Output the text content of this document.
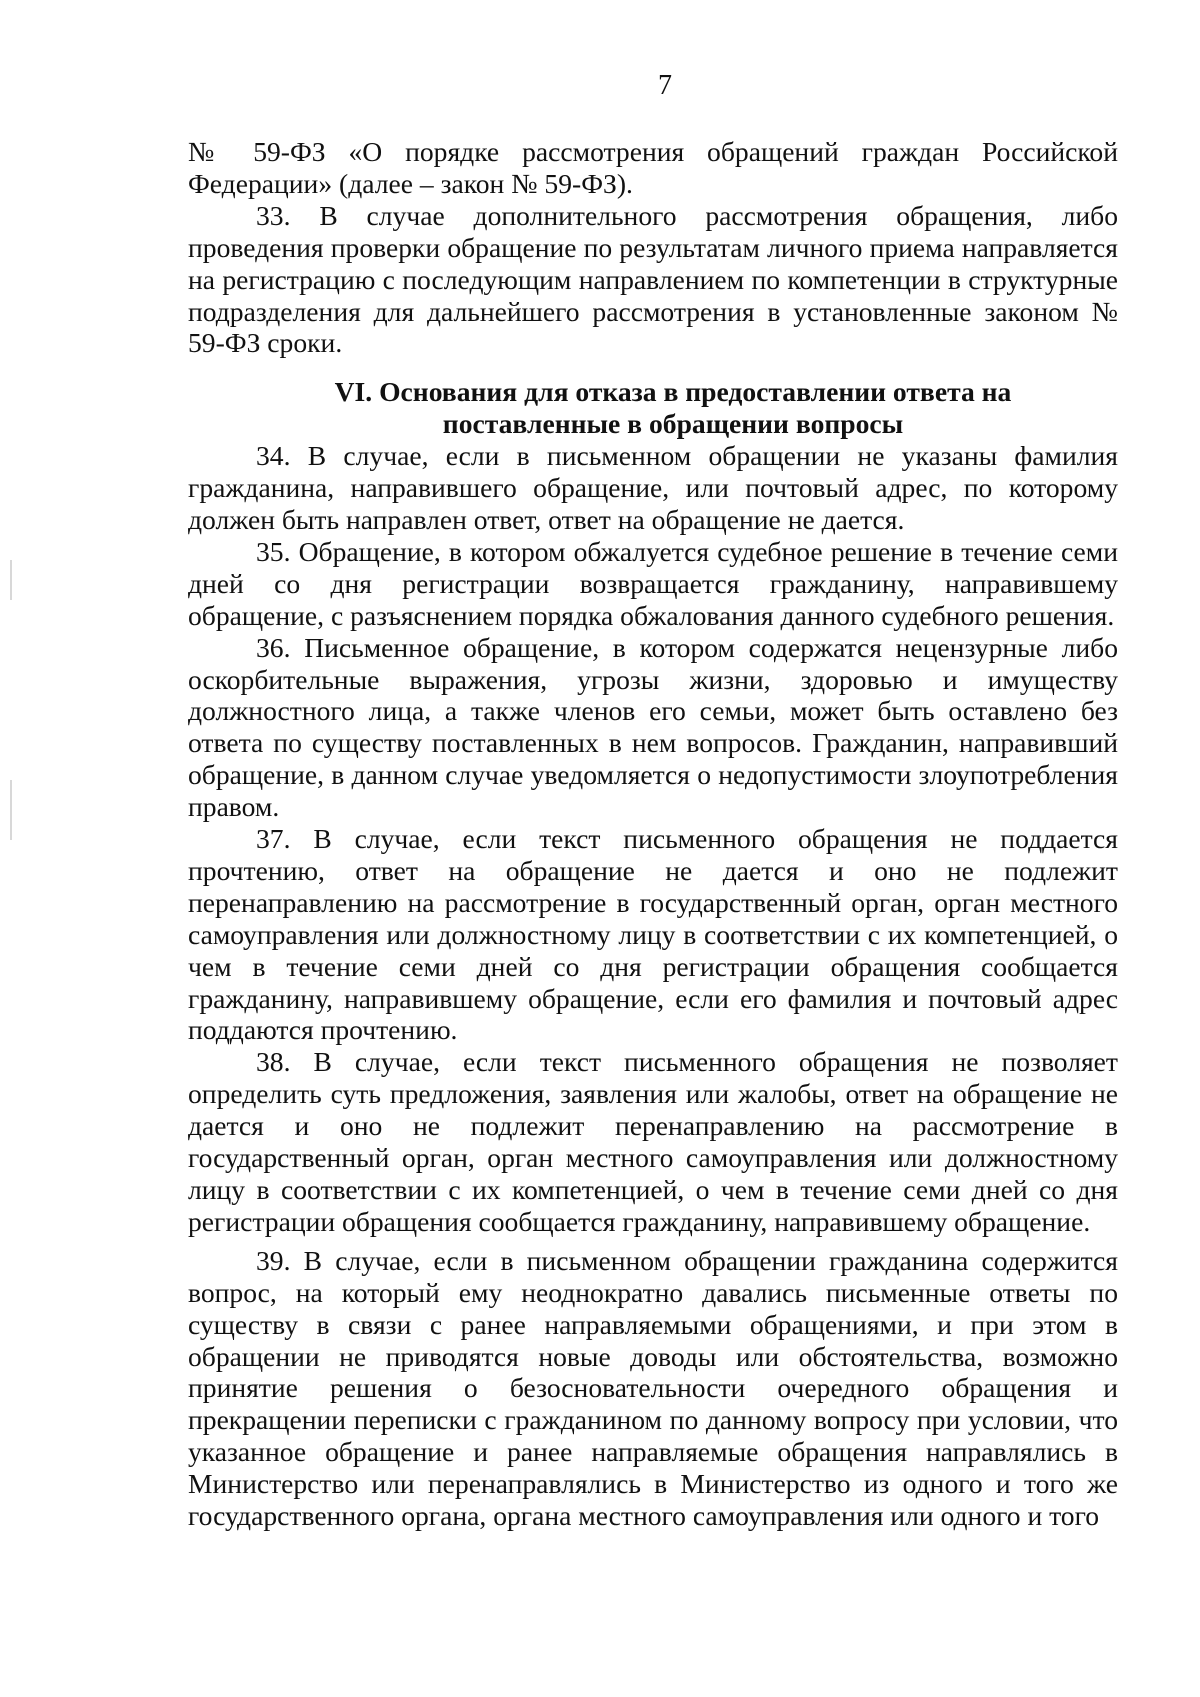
7

№ 59-ФЗ «О порядке рассмотрения обращений граждан Российской Федерации» (далее – закон № 59-ФЗ).

33. В случае дополнительного рассмотрения обращения, либо проведения проверки обращение по результатам личного приема направляется на регистрацию с последующим направлением по компетенции в структурные подразделения для дальнейшего рассмотрения в установленные законом № 59-ФЗ сроки.

VI. Основания для отказа в предоставлении ответа на
поставленные в обращении вопросы

34. В случае, если в письменном обращении не указаны фамилия гражданина, направившего обращение, или почтовый адрес, по которому должен быть направлен ответ, ответ на обращение не дается.

35. Обращение, в котором обжалуется судебное решение в течение семи дней со дня регистрации возвращается гражданину, направившему обращение, с разъяснением порядка обжалования данного судебного решения.

36. Письменное обращение, в котором содержатся нецензурные либо оскорбительные выражения, угрозы жизни, здоровью и имуществу должностного лица, а также членов его семьи, может быть оставлено без ответа по существу поставленных в нем вопросов. Гражданин, направивший обращение, в данном случае уведомляется о недопустимости злоупотребления правом.

37. В случае, если текст письменного обращения не поддается прочтению, ответ на обращение не дается и оно не подлежит перенаправлению на рассмотрение в государственный орган, орган местного самоуправления или должностному лицу в соответствии с их компетенцией, о чем в течение семи дней со дня регистрации обращения сообщается гражданину, направившему обращение, если его фамилия и почтовый адрес поддаются прочтению.

38. В случае, если текст письменного обращения не позволяет определить суть предложения, заявления или жалобы, ответ на обращение не дается и оно не подлежит перенаправлению на рассмотрение в государственный орган, орган местного самоуправления или должностному лицу в соответствии с их компетенцией, о чем в течение семи дней со дня регистрации обращения сообщается гражданину, направившему обращение.

39. В случае, если в письменном обращении гражданина содержится вопрос, на который ему неоднократно давались письменные ответы по существу в связи с ранее направляемыми обращениями, и при этом в обращении не приводятся новые доводы или обстоятельства, возможно принятие решения о безосновательности очередного обращения и прекращении переписки с гражданином по данному вопросу при условии, что указанное обращение и ранее направляемые обращения направлялись в Министерство или перенаправлялись в Министерство из одного и того же государственного органа, органа местного самоуправления или одного и того
